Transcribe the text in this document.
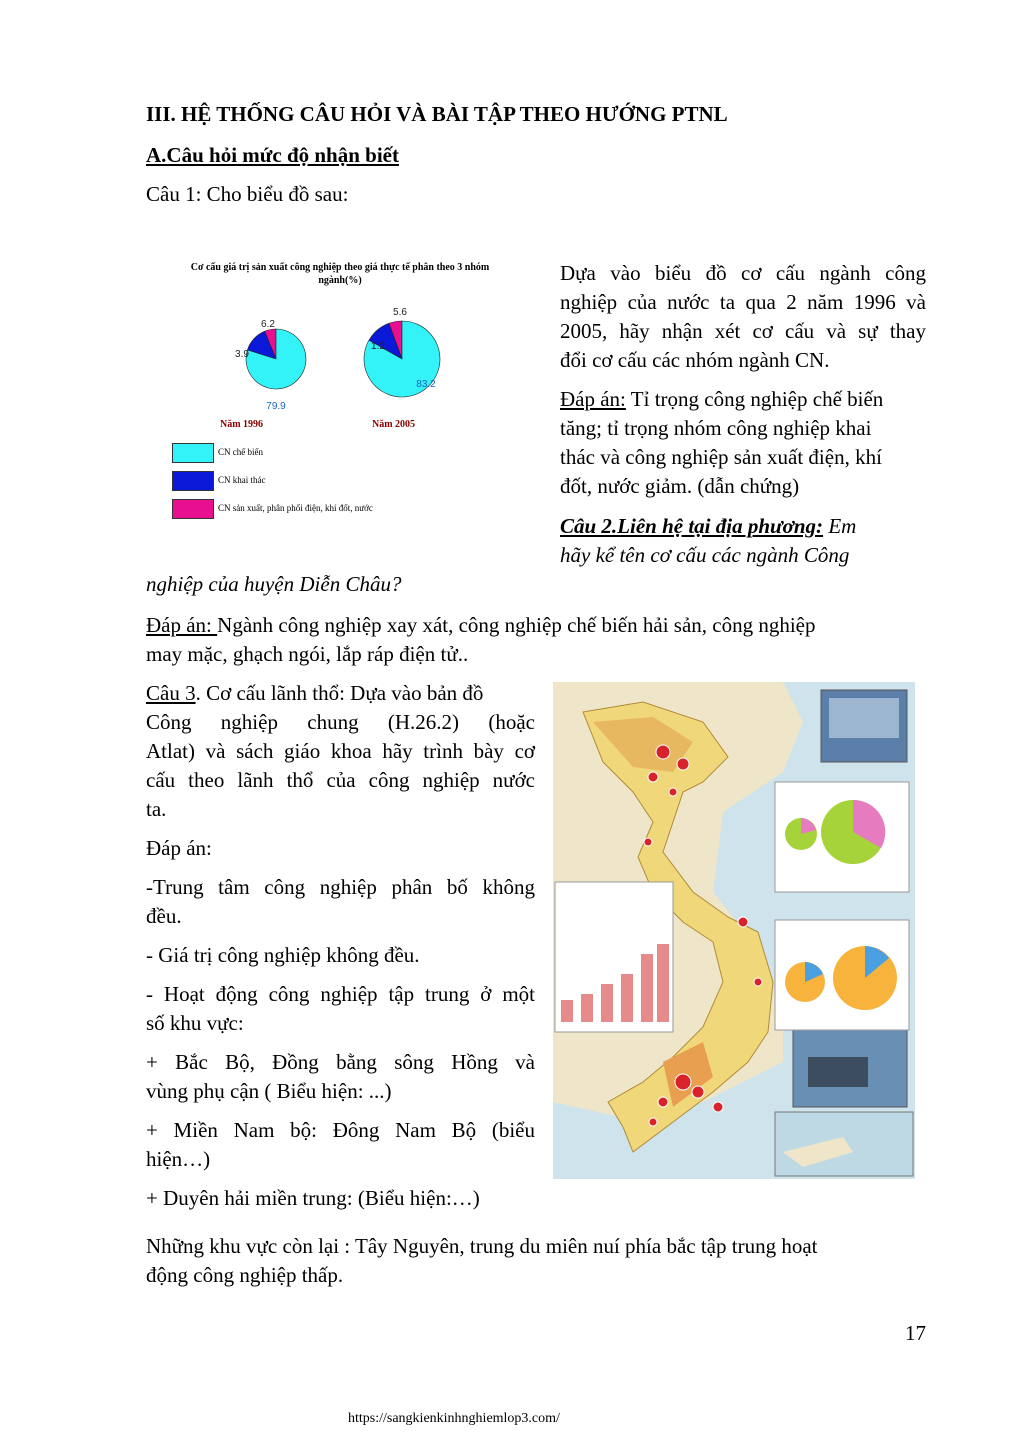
III. HỆ THỐNG CÂU HỎI VÀ BÀI TẬP THEO HƯỚNG PTNL
A.Câu hỏi mức độ nhận biết
Câu 1: Cho biểu đồ sau:
Cơ cấu giá trị sản xuất công nghiệp theo giá thực tế phân theo 3 nhóm ngành(%)
79.9
3.9
6.2
83.2
1.2
5.6
Năm 1996	Năm 2005
CN chế biến
CN khai thác
CN sản xuất, phân phối điện, khí đốt, nước
Dựa vào biểu đồ cơ cấu ngành công
nghiệp của nước ta qua 2 năm 1996 và
2005, hãy nhận xét cơ cấu và sự thay
đổi cơ cấu các nhóm ngành CN.
Đáp án: Tỉ trọng công nghiệp chế biến
tăng; tỉ trọng nhóm công nghiệp khai
thác và công nghiệp sản xuất điện, khí
đốt, nước giảm. (dẫn chứng)
Câu 2.Liên hệ tại địa phương: Em
hãy kể tên cơ cấu các ngành Công
nghiệp của huyện Diễn Châu?
Đáp án: Ngành công nghiệp xay xát, công nghiệp chế biến hải sản, công nghiệp
may mặc, ghạch ngói, lắp ráp điện tử..
Câu 3. Cơ cấu lãnh thổ: Dựa vào bản đồ
Công nghiệp chung (H.26.2) (hoặc
Atlat) và sách giáo khoa hãy trình bày cơ
cấu theo lãnh thổ của công nghiệp nước
ta.
Đáp án:
-Trung tâm công nghiệp phân bố không
đều.
- Giá trị công nghiệp không đều.
- Hoạt động công nghiệp tập trung ở một
số khu vực:
+ Bắc Bộ, Đồng bằng sông Hồng và
vùng phụ cận ( Biểu hiện: ...)
+ Miền Nam bộ: Đông Nam Bộ (biểu
hiện…)
+ Duyên hải miền trung: (Biểu hiện:…)
Những khu vực còn lại : Tây Nguyên, trung du miên nuí phía bắc tập trung hoạt
động công nghiệp thấp.
17
https://sangkienkinhnghiemlop3.com/
